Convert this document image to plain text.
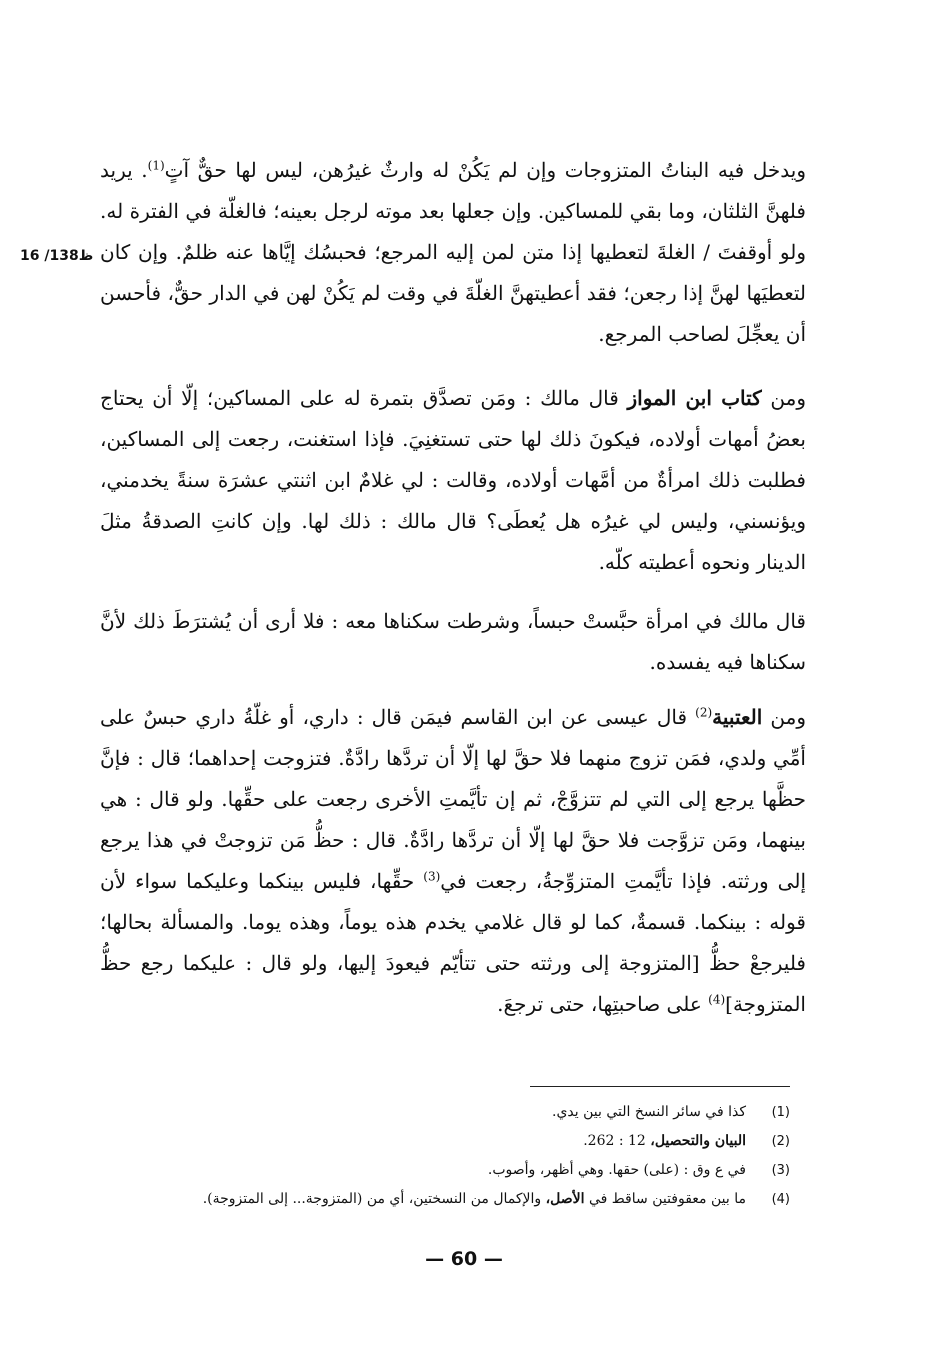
16 /138ظ
ويدخل فيه البناتُ المتزوجات وإن لم يَكُنْ له وارثٌ غيرُهن، ليس لها حقٌّ آتٍ$^{(1)}$. يريد فلهنَّ الثلثان، وما بقي للمساكين. وإن جعلها بعد موته لرجل بعينه؛ فالغلّة في الفترة له. ولو أوقفتَ / الغلةَ لتعطيها إذا متن لمن إليه المرجع؛ فحبسُك إيَّاها عنه ظلمٌ. وإن كان لتعطيَها لهنَّ إذا رجعن؛ فقد أعطيتهنَّ الغلّةَ في وقت لم يَكُنْ لهن في الدار حقٌّ، فأحسن أن يعجِّلَ لصاحب المرجع.
ومن كتاب ابن المواز قال مالك : ومَن تصدَّق بتمرة له على المساكين؛ إلّا أن يحتاج بعضُ أمهات أولاده، فيكونَ ذلك لها حتى تستغنِيَ. فإذا استغنت، رجعت إلى المساكين، فطلبت ذلك امرأةٌ من أمَّهات أولاده، وقالت : لي غلامٌ ابن اثنتي عشرَة سنةً يخدمني، ويؤنسني، وليس لي غيرُه هل يُعطَى؟ قال مالك : ذلك لها. وإن كانتِ الصدقةُ مثلَ الدينار ونحوه أعطيته كلّه.
قال مالك في امرأة حبَّستْ حبساً، وشرطت سكناها معه : فلا أرى أن يُشترَطَ ذلك لأنَّ سكناها فيه يفسده.
ومن العتبية$^{(2)}$ قال عيسى عن ابن القاسم فيمَن قال : داري، أو غلّةُ داري حبسٌ على أمِّي ولدي، فمَن تزوج منهما فلا حقَّ لها إلّا أن تردَّها رادَّةٌ. فتزوجت إحداهما؛ قال : فإنَّ حظَّها يرجع إلى التي لم تتزوَّجْ، ثم إن تأيَّمتِ الأخرى رجعت على حقِّها. ولو قال : هي بينهما، ومَن تزوَّجت فلا حقَّ لها إلّا أن تردَّها رادَّةٌ. قال : حظُّ مَن تزوجتْ في هذا يرجع إلى ورثته. فإذا تأيَّمتِ المتزوِّجةُ، رجعت في$^{(3)}$ حقِّها، فليس بينكما وعليكما سواء لأن قوله : بينكما. قسمةٌ، كما لو قال غلامي يخدم هذه يوماً، وهذه يوما. والمسألة بحالها؛ فليرجعْ حظُّ [المتزوجة إلى ورثته حتى تتأيّم فيعودَ إليها، ولو قال : عليكما رجع حظُّ المتزوجة]$^{(4)}$ على صاحبتِها، حتى ترجعَ.
(1)
كذا في سائر النسخ التي بين يدي.
(2)
البيان والتحصيل، 12 : 262.
(3)
في ع وق : (على) حقها. وهي أظهر، وأصوب.
(4)
ما بين معقوفتين ساقط في الأصل، والإكمال من النسختين، أي من (المتزوجة... إلى المتزوجة).
— 60 —
